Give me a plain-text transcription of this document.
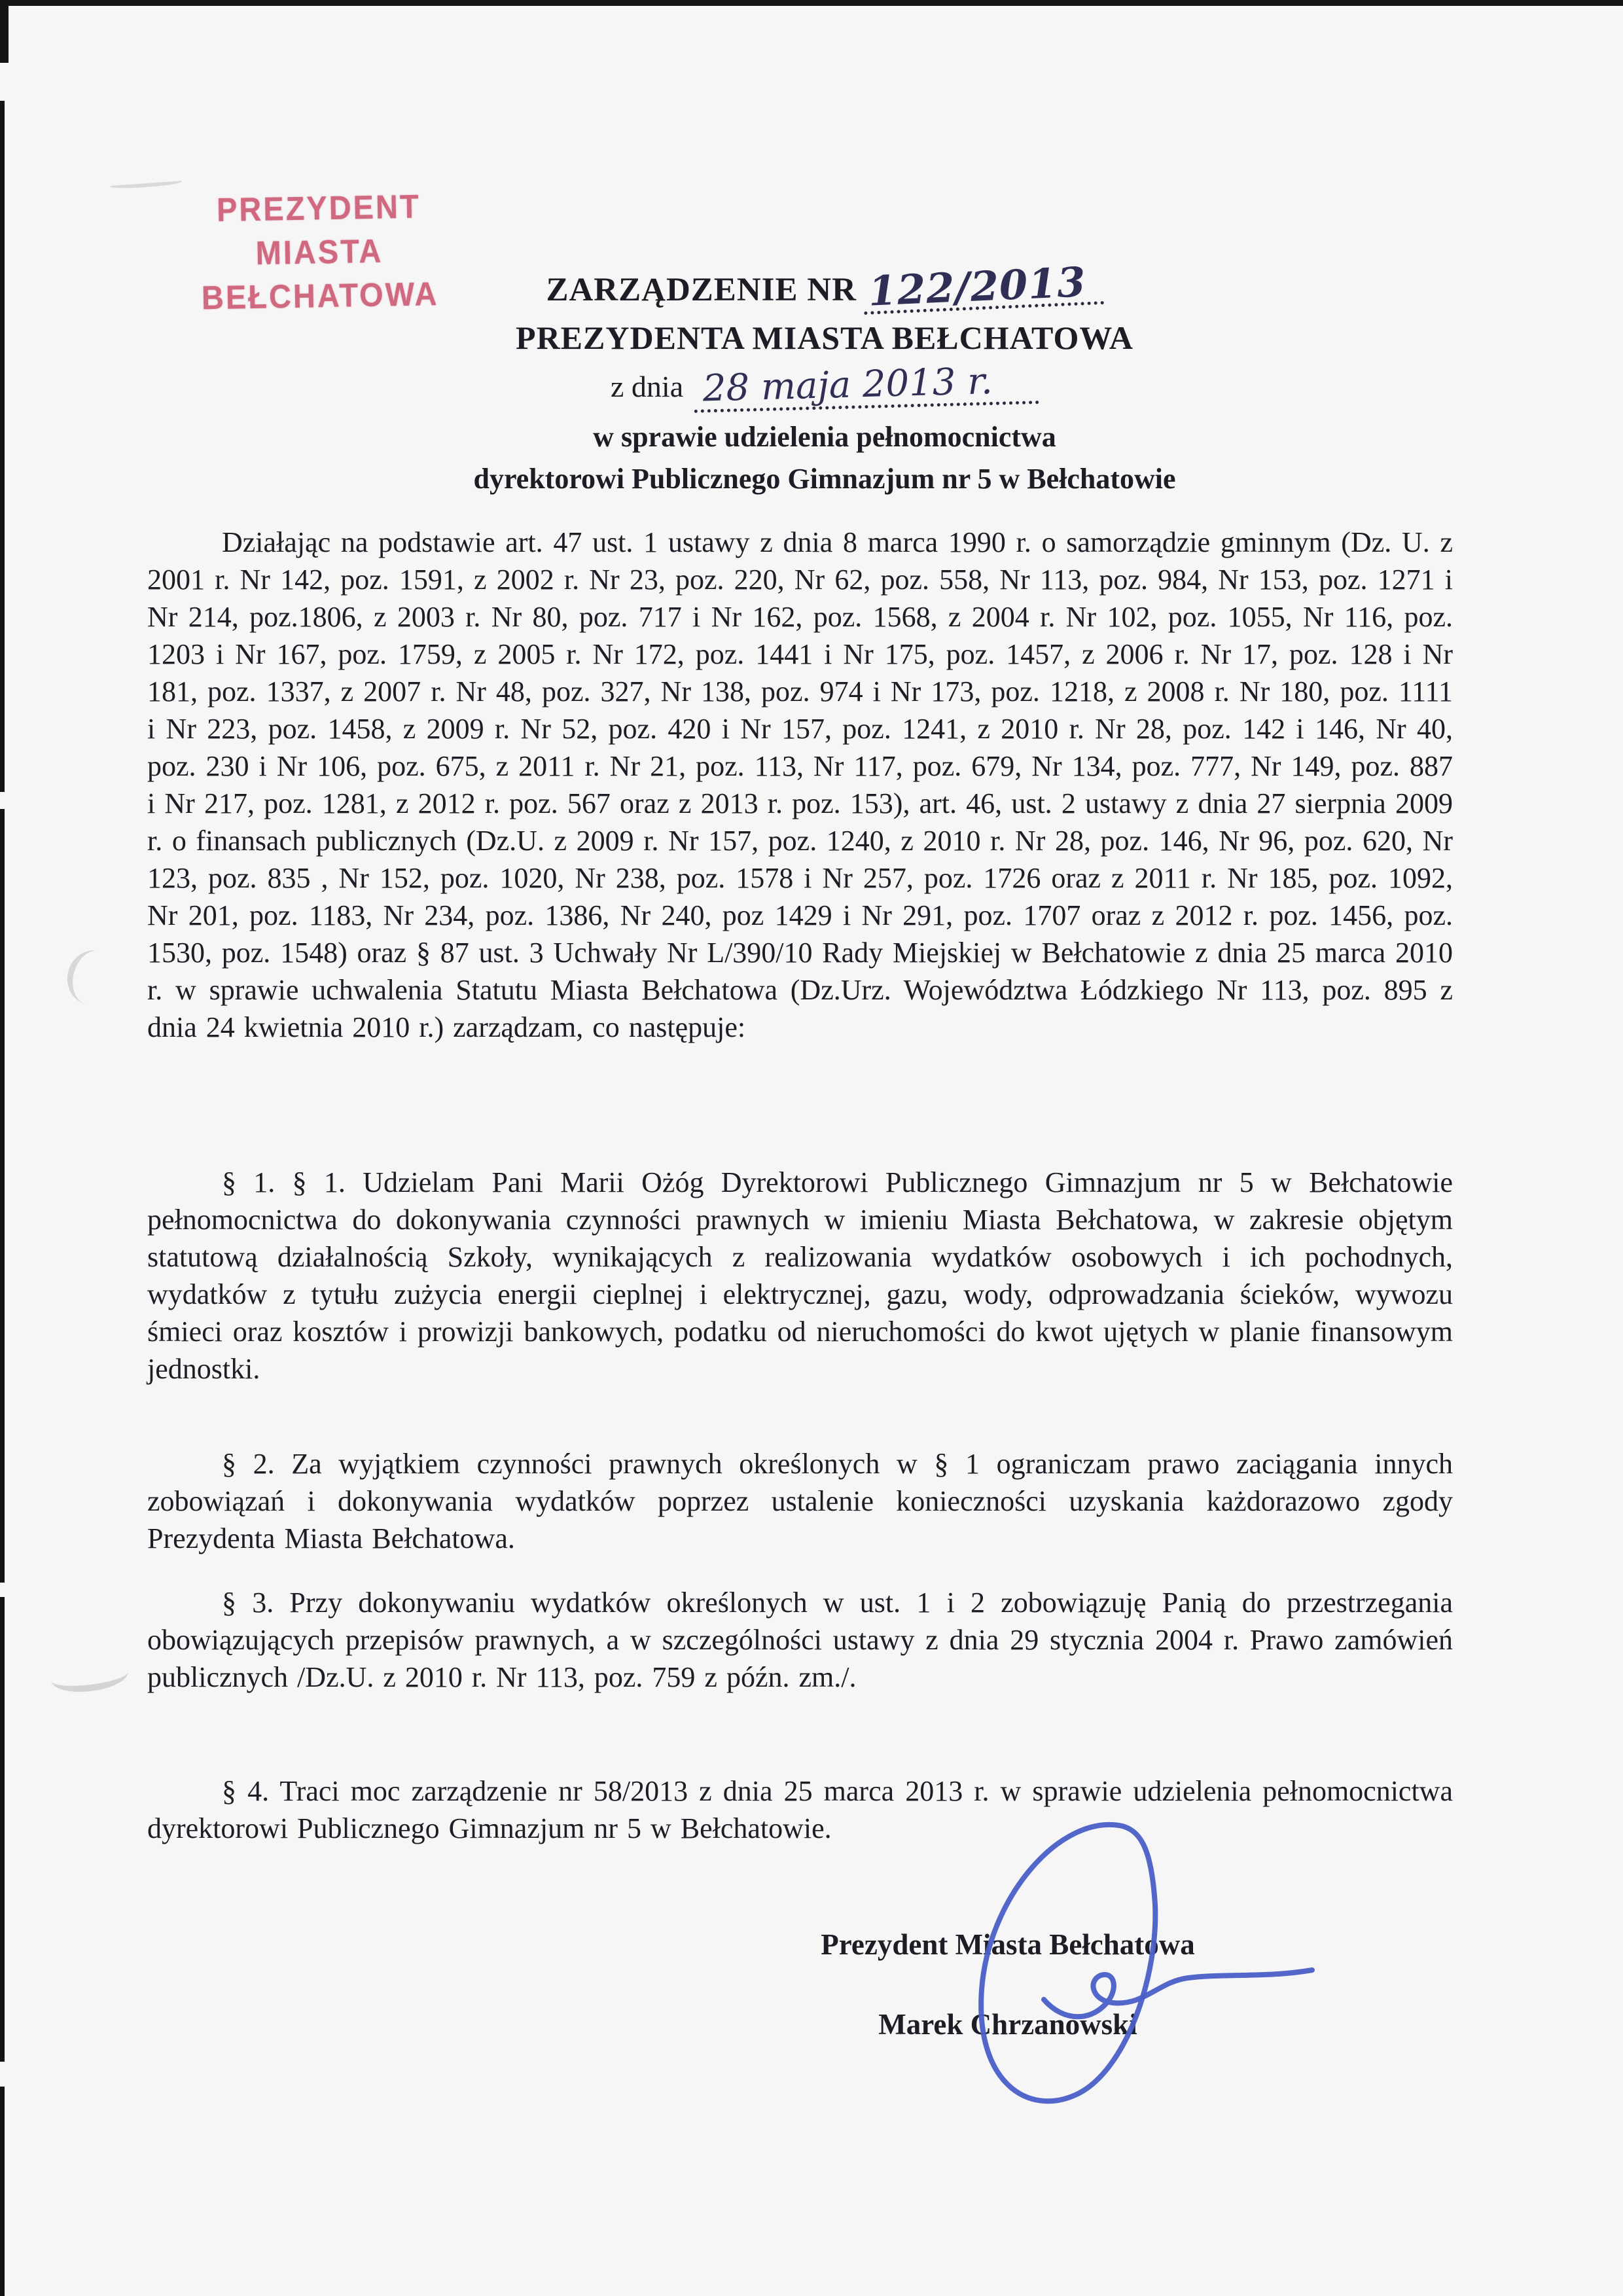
PREZYDENT MIASTA
BEŁCHATOWA	ZARZĄDZENIE NR 122/2013
PREZYDENTA MIASTA BEŁCHATOWA
z dnia 28 maja 2013 r.
w sprawie udzielenia pełnomocnictwa
dyrektorowi Publicznego Gimnazjum nr 5 w Bełchatowie

Działając na podstawie art. 47 ust. 1 ustawy z dnia 8 marca 1990 r. o samorządzie gminnym (Dz. U. z 2001 r. Nr 142, poz. 1591, z 2002 r. Nr 23, poz. 220, Nr 62, poz. 558, Nr 113, poz. 984, Nr 153, poz. 1271 i Nr 214, poz.1806, z 2003 r. Nr 80, poz. 717 i Nr 162, poz. 1568, z 2004 r. Nr 102, poz. 1055, Nr 116, poz. 1203 i Nr 167, poz. 1759, z 2005 r. Nr 172, poz. 1441 i Nr 175, poz. 1457, z 2006 r. Nr 17, poz. 128 i Nr 181, poz. 1337, z 2007 r. Nr 48, poz. 327, Nr 138, poz. 974 i Nr 173, poz. 1218, z 2008 r. Nr 180, poz. 1111 i Nr 223, poz. 1458, z 2009 r. Nr 52, poz. 420 i Nr 157, poz. 1241, z 2010 r. Nr 28, poz. 142 i 146, Nr 40, poz. 230 i Nr 106, poz. 675, z 2011 r. Nr 21, poz. 113, Nr 117, poz. 679, Nr 134, poz. 777, Nr 149, poz. 887 i Nr 217, poz. 1281, z 2012 r. poz. 567 oraz z 2013 r. poz. 153), art. 46, ust. 2 ustawy z dnia 27 sierpnia 2009 r. o finansach publicznych (Dz.U. z 2009 r. Nr 157, poz. 1240, z 2010 r. Nr 28, poz. 146, Nr 96, poz. 620, Nr 123, poz. 835 , Nr 152, poz. 1020, Nr 238, poz. 1578 i Nr 257, poz. 1726 oraz z 2011 r. Nr 185, poz. 1092, Nr 201, poz. 1183, Nr 234, poz. 1386, Nr 240, poz 1429 i Nr 291, poz. 1707 oraz z 2012 r. poz. 1456, poz. 1530, poz. 1548) oraz § 87 ust. 3 Uchwały Nr L/390/10 Rady Miejskiej w Bełchatowie z dnia 25 marca 2010 r. w sprawie uchwalenia Statutu Miasta Bełchatowa (Dz.Urz. Województwa Łódzkiego Nr 113, poz. 895 z dnia 24 kwietnia 2010 r.) zarządzam, co następuje:

§ 1. § 1. Udzielam Pani Marii Ożóg Dyrektorowi Publicznego Gimnazjum nr 5 w Bełchatowie pełnomocnictwa do dokonywania czynności prawnych w imieniu Miasta Bełchatowa, w zakresie objętym statutową działalnością Szkoły, wynikających z realizowania wydatków osobowych i ich pochodnych, wydatków z tytułu zużycia energii cieplnej i elektrycznej, gazu, wody, odprowadzania ścieków, wywozu śmieci oraz kosztów i prowizji bankowych, podatku od nieruchomości do kwot ujętych w planie finansowym jednostki.

§ 2. Za wyjątkiem czynności prawnych określonych w § 1 ograniczam prawo zaciągania innych zobowiązań i dokonywania wydatków poprzez ustalenie konieczności uzyskania każdorazowo zgody Prezydenta Miasta Bełchatowa.

§ 3. Przy dokonywaniu wydatków określonych w ust. 1 i 2 zobowiązuję Panią do przestrzegania obowiązujących przepisów prawnych, a w szczególności ustawy z dnia 29 stycznia 2004 r. Prawo zamówień publicznych /Dz.U. z 2010 r. Nr 113, poz. 759 z późn. zm./.

§ 4. Traci moc zarządzenie nr 58/2013 z dnia 25 marca 2013 r. w sprawie udzielenia pełnomocnictwa dyrektorowi Publicznego Gimnazjum nr 5 w Bełchatowie.

Prezydent Miasta Bełchatowa
Marek Chrzanowski
